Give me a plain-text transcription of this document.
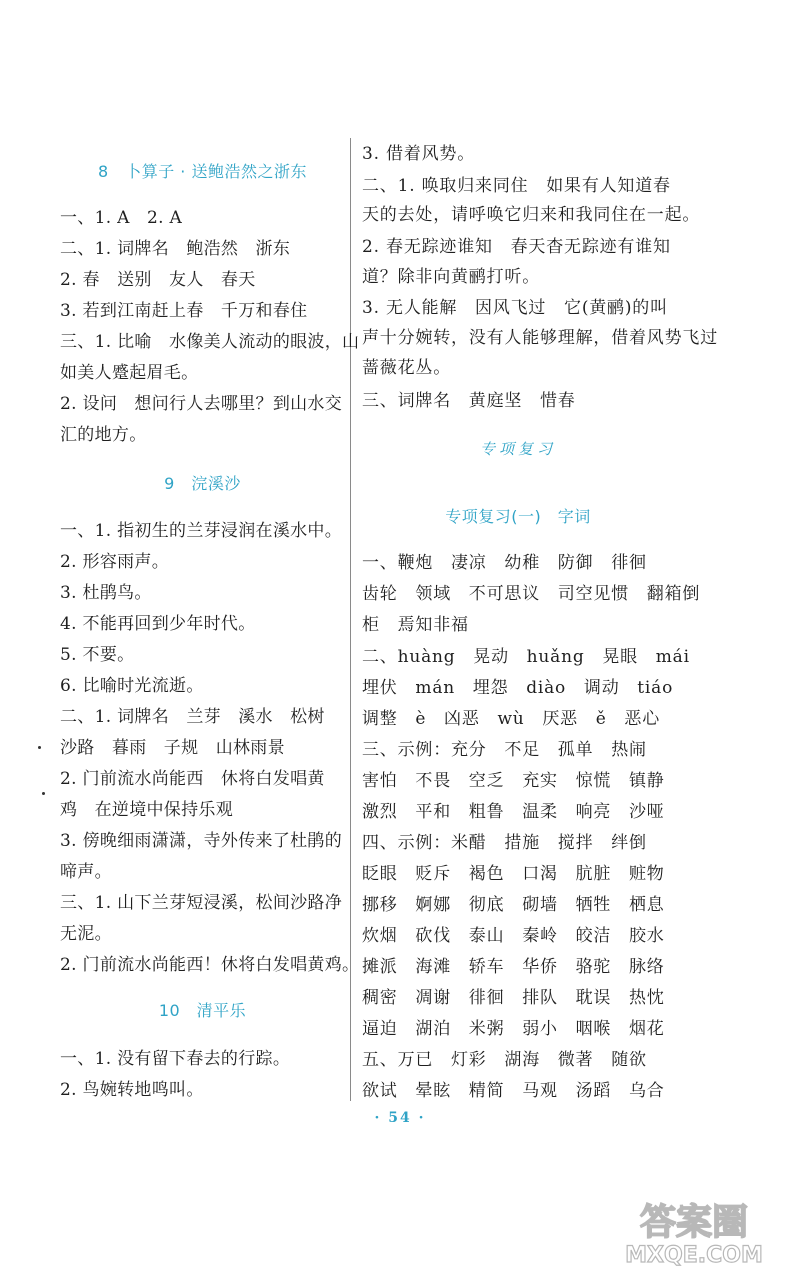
8　卜算子 · 送鲍浩然之浙东
一、1. A　2. A
二、1. 词牌名　鲍浩然　浙东
2. 春　送别　友人　春天
3. 若到江南赶上春　千万和春住
三、1. 比喻　水像美人流动的眼波，山
如美人蹙起眉毛。
2. 设问　想问行人去哪里？到山水交
汇的地方。
9　浣溪沙
一、1. 指初生的兰芽浸润在溪水中。
2. 形容雨声。
3. 杜鹃鸟。
4. 不能再回到少年时代。
5. 不要。
6. 比喻时光流逝。
二、1. 词牌名　兰芽　溪水　松树
沙路　暮雨　子规　山林雨景
2. 门前流水尚能西　休将白发唱黄
鸡　在逆境中保持乐观
3. 傍晚细雨潇潇，寺外传来了杜鹃的
啼声。
三、1. 山下兰芽短浸溪，松间沙路净
无泥。
2. 门前流水尚能西！休将白发唱黄鸡。
10　清平乐
一、1. 没有留下春去的行踪。
2. 鸟婉转地鸣叫。
3. 借着风势。
二、1. 唤取归来同住　如果有人知道春
天的去处，请呼唤它归来和我同住在一起。
2. 春无踪迹谁知　春天杳无踪迹有谁知
道？除非向黄鹂打听。
3. 无人能解　因风飞过　它(黄鹂)的叫
声十分婉转，没有人能够理解，借着风势飞过
蔷薇花丛。
三、词牌名　黄庭坚　惜春
专项复习
专项复习(一)　字词
一、鞭炮　凄凉　幼稚　防御　徘徊
齿轮　领域　不可思议　司空见惯　翻箱倒
柜　焉知非福
二、huàng　晃动　huǎng　晃眼　mái
埋伏　mán　埋怨　diào　调动　tiáo
调整　è　凶恶　wù　厌恶　ě　恶心
三、示例：充分　不足　孤单　热闹
害怕　不畏　空乏　充实　惊慌　镇静
激烈　平和　粗鲁　温柔　响亮　沙哑
四、示例：米醋　措施　搅拌　绊倒
眨眼　贬斥　褐色　口渴　肮脏　赃物
挪移　婀娜　彻底　砌墙　牺牲　栖息
炊烟　砍伐　泰山　秦岭　皎洁　胶水
摊派　海滩　轿车　华侨　骆驼　脉络
稠密　凋谢　徘徊　排队　耽误　热忱
逼迫　湖泊　米粥　弱小　咽喉　烟花
五、万已　灯彩　湖海　微著　随欲
欲试　晕眩　精简　马观　汤蹈　乌合
· 54 ·
答案圈
MXQE.COM
